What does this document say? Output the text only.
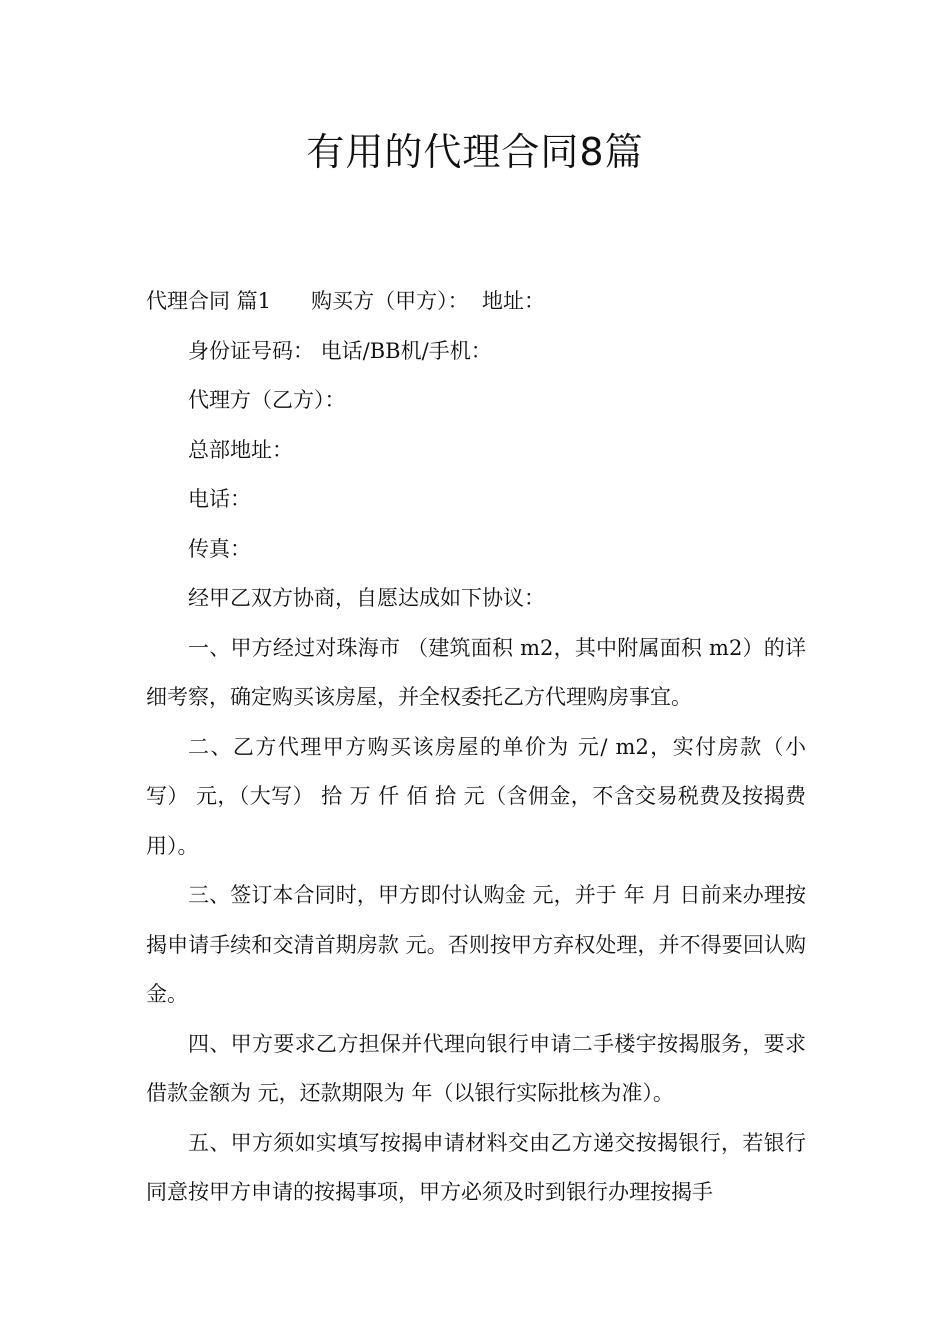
有用的代理合同8篇

代理合同 篇1 购买方（甲方）： 地址：

身份证号码： 电话/BB机/手机：

代理方（乙方）：

总部地址：

电话：

传真：

经甲乙双方协商，自愿达成如下协议：

一、甲方经过对珠海市 （建筑面积 m2，其中附属面积 m2）的详细考察，确定购买该房屋，并全权委托乙方代理购房事宜。

二、乙方代理甲方购买该房屋的单价为 元/ m2，实付房款（小写） 元，（大写） 拾 万 仟 佰 拾 元（含佣金，不含交易税费及按揭费用）。

三、签订本合同时，甲方即付认购金 元，并于 年 月 日前来办理按揭申请手续和交清首期房款 元。否则按甲方弃权处理，并不得要回认购金。

四、甲方要求乙方担保并代理向银行申请二手楼宇按揭服务，要求借款金额为 元，还款期限为 年（以银行实际批核为准）。

五、甲方须如实填写按揭申请材料交由乙方递交按揭银行，若银行同意按甲方申请的按揭事项，甲方必须及时到银行办理按揭手
